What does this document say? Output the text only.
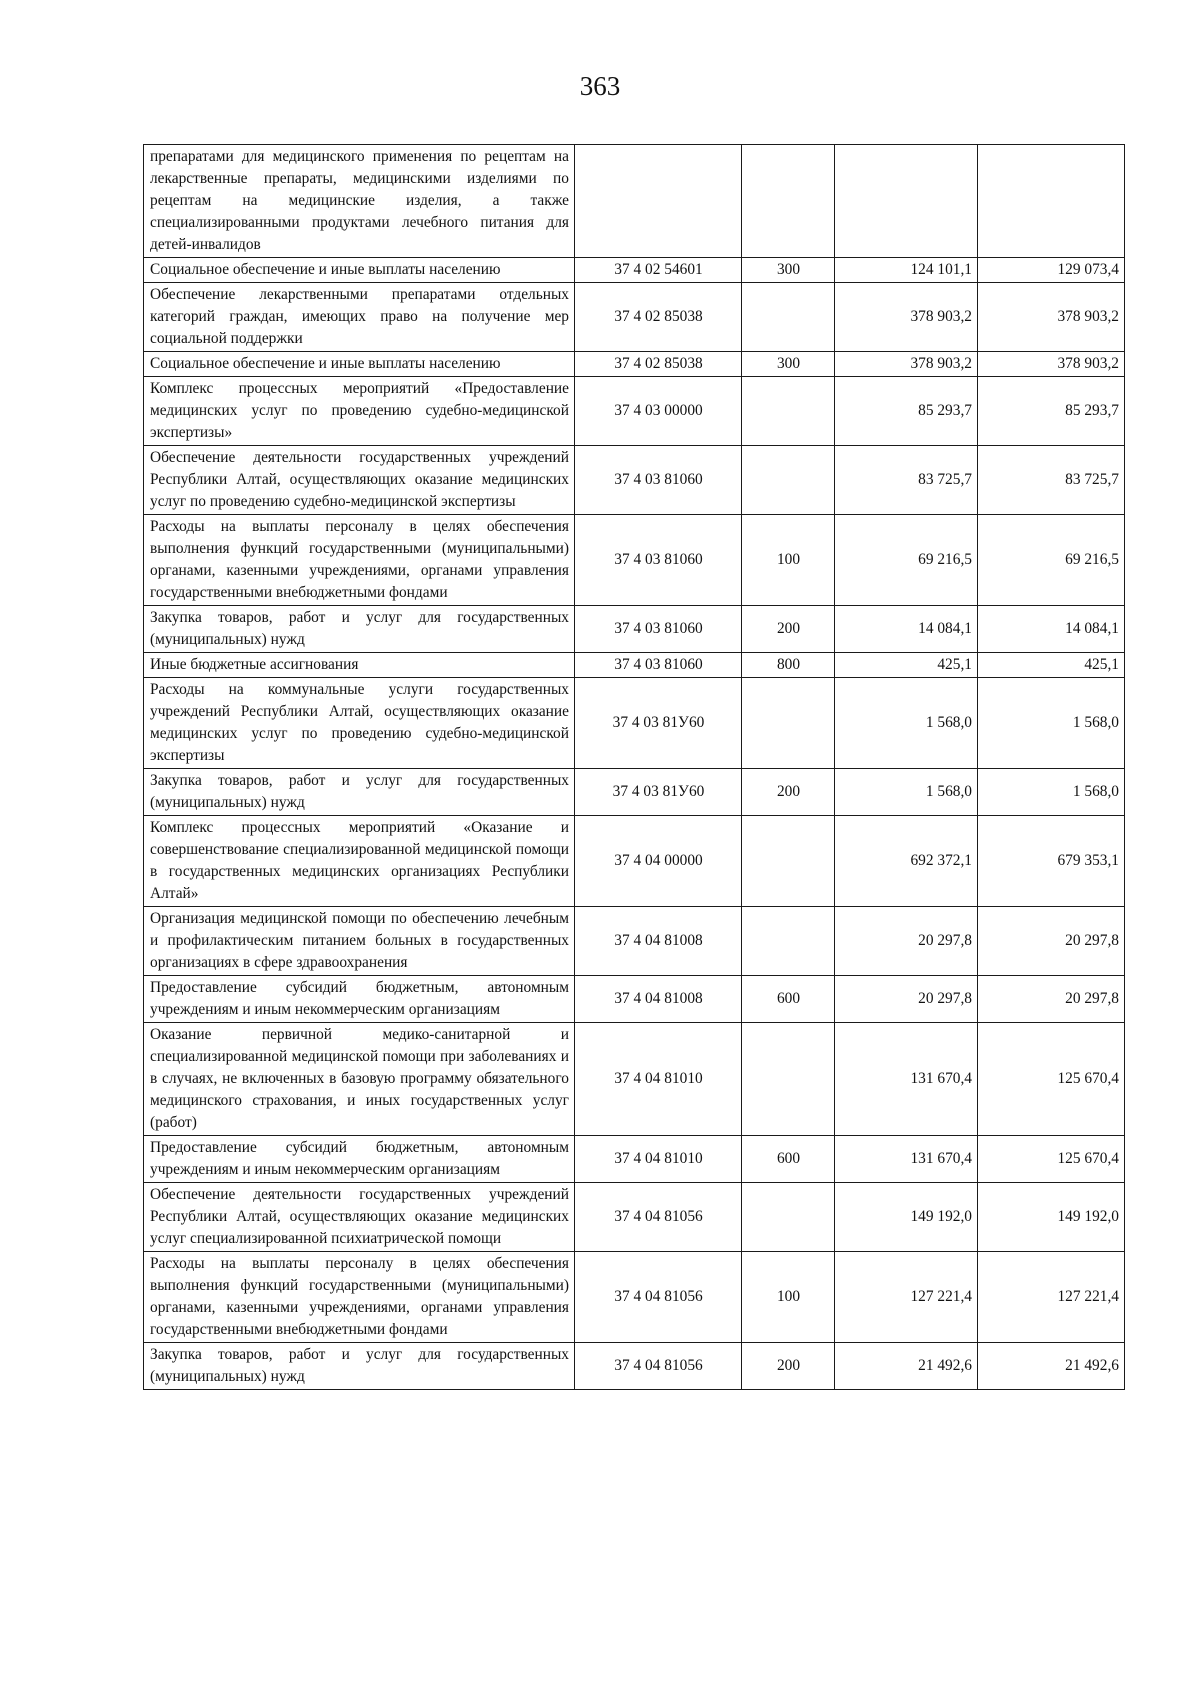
363
препаратами для медицинского применения по рецептам на лекарственные препараты, медицинскими изделиями по рецептам на медицинские изделия, а также специализированными продуктами лечебного питания для детей-инвалидов				
Социальное обеспечение и иные выплаты населению	37 4 02 54601	300	124 101,1	129 073,4
Обеспечение лекарственными препаратами отдельных категорий граждан, имеющих право на получение мер социальной поддержки	37 4 02 85038		378 903,2	378 903,2
Социальное обеспечение и иные выплаты населению	37 4 02 85038	300	378 903,2	378 903,2
Комплекс процессных мероприятий «Предоставление медицинских услуг по проведению судебно-медицинской экспертизы»	37 4 03 00000		85 293,7	85 293,7
Обеспечение деятельности государственных учреждений Республики Алтай, осуществляющих оказание медицинских услуг по проведению судебно-медицинской экспертизы	37 4 03 81060		83 725,7	83 725,7
Расходы на выплаты персоналу в целях обеспечения выполнения функций государственными (муниципальными) органами, казенными учреждениями, органами управления государственными внебюджетными фондами	37 4 03 81060	100	69 216,5	69 216,5
Закупка товаров, работ и услуг для государственных (муниципальных) нужд	37 4 03 81060	200	14 084,1	14 084,1
Иные бюджетные ассигнования	37 4 03 81060	800	425,1	425,1
Расходы на коммунальные услуги государственных учреждений Республики Алтай, осуществляющих оказание медицинских услуг по проведению судебно-медицинской экспертизы	37 4 03 81У60		1 568,0	1 568,0
Закупка товаров, работ и услуг для государственных (муниципальных) нужд	37 4 03 81У60	200	1 568,0	1 568,0
Комплекс процессных мероприятий «Оказание и совершенствование специализированной медицинской помощи в государственных медицинских организациях Республики Алтай»	37 4 04 00000		692 372,1	679 353,1
Организация медицинской помощи по обеспечению лечебным и профилактическим питанием больных в государственных организациях в сфере здравоохранения	37 4 04 81008		20 297,8	20 297,8
Предоставление субсидий бюджетным, автономным учреждениям и иным некоммерческим организациям	37 4 04 81008	600	20 297,8	20 297,8
Оказание первичной медико-санитарной и специализированной медицинской помощи при заболеваниях и в случаях, не включенных в базовую программу обязательного медицинского страхования, и иных государственных услуг (работ)	37 4 04 81010		131 670,4	125 670,4
Предоставление субсидий бюджетным, автономным учреждениям и иным некоммерческим организациям	37 4 04 81010	600	131 670,4	125 670,4
Обеспечение деятельности государственных учреждений Республики Алтай, осуществляющих оказание медицинских услуг специализированной психиатрической помощи	37 4 04 81056		149 192,0	149 192,0
Расходы на выплаты персоналу в целях обеспечения выполнения функций государственными (муниципальными) органами, казенными учреждениями, органами управления государственными внебюджетными фондами	37 4 04 81056	100	127 221,4	127 221,4
Закупка товаров, работ и услуг для государственных (муниципальных) нужд	37 4 04 81056	200	21 492,6	21 492,6
